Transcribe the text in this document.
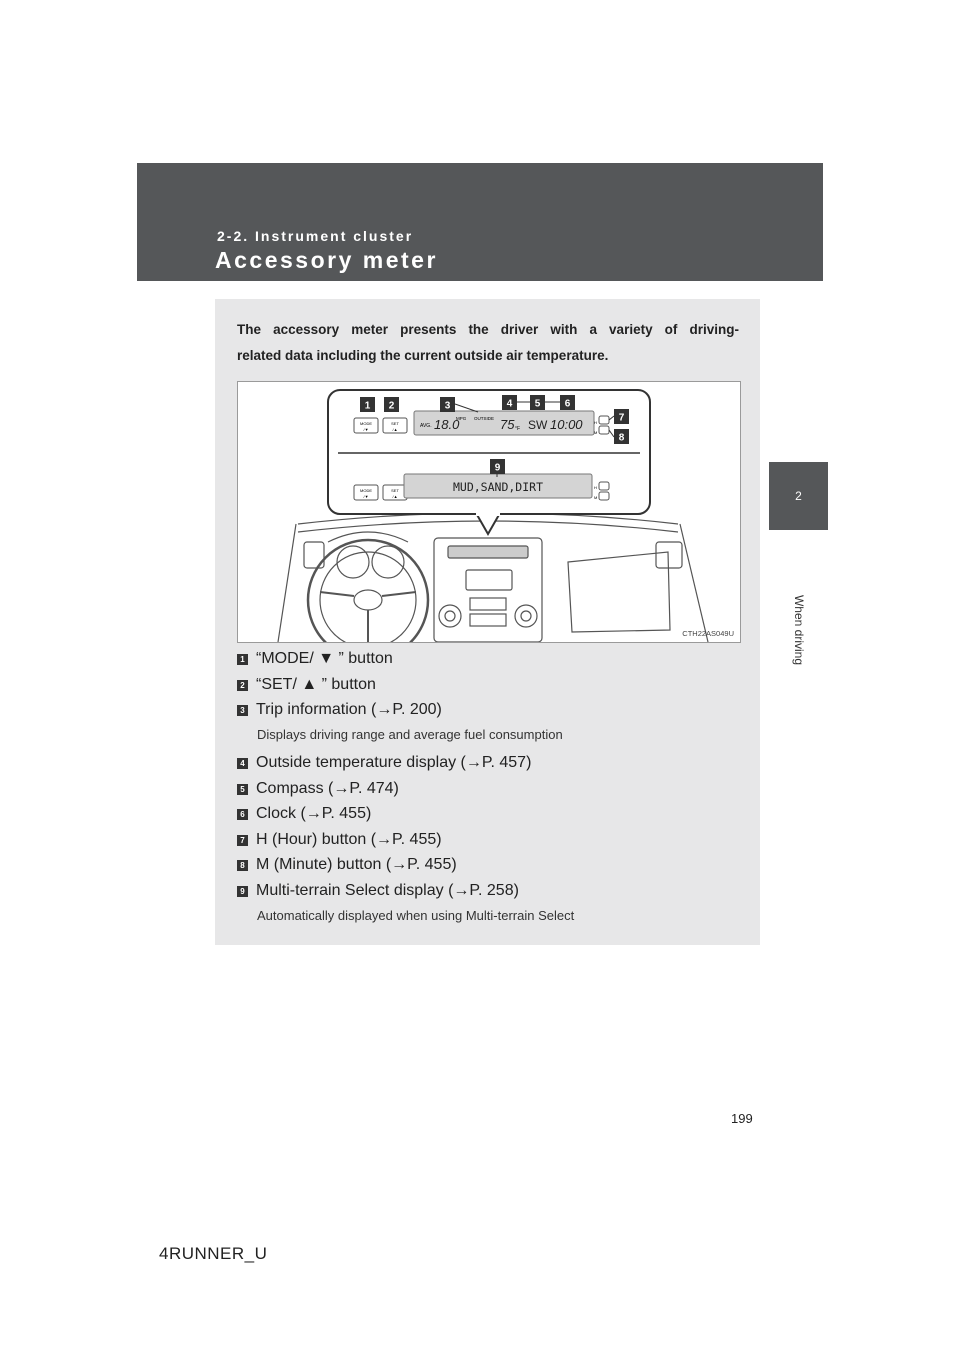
2-2. Instrument cluster

Accessory meter

2
When driving

The accessory meter presents the driver with a variety of driving-

related data including the current outside air temperature.

MODE
/▼
SET
/▲
AVG. 18.0
MPG OUTSIDE 75 °F SW 10:00	H
M
MODE
/▼
SET
/▲
MUD,SAND,DIRT	H
M
1 2	3	4 5 6
7
8
9
CTH22AS049U
1 “MODE/ ▼ ” button
2 “SET/ ▲ ” button
3 Trip information (→P. 200)
Displays driving range and average fuel consumption
4 Outside temperature display (→P. 457)
5 Compass (→P. 474)
6 Clock (→P. 455)
7 H (Hour) button (→P. 455)
8 M (Minute) button (→P. 455)
9 Multi-terrain Select display (→P. 258)
Automatically displayed when using Multi-terrain Select
199
4RUNNER_U
